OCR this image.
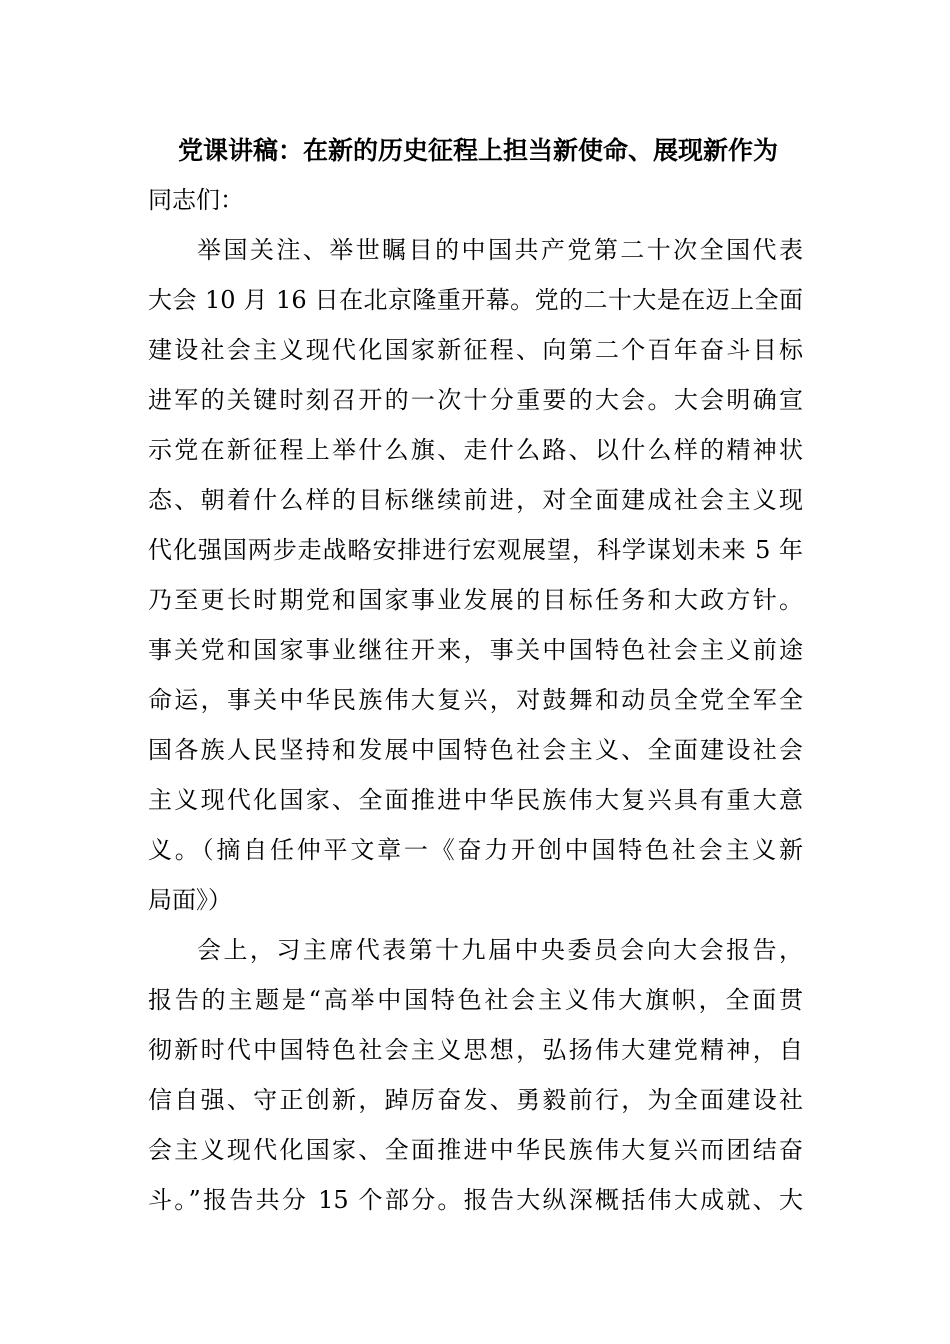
党课讲稿：在新的历史征程上担当新使命、展现新作为
同志们：
举国关注、举世瞩目的中国共产党第二十次全国代表
大会 10 月 16 日在北京隆重开幕。党的二十大是在迈上全面
建设社会主义现代化国家新征程、向第二个百年奋斗目标
进军的关键时刻召开的一次十分重要的大会。大会明确宣
示党在新征程上举什么旗、走什么路、以什么样的精神状
态、朝着什么样的目标继续前进，对全面建成社会主义现
代化强国两步走战略安排进行宏观展望，科学谋划未来 5 年
乃至更长时期党和国家事业发展的目标任务和大政方针。
事关党和国家事业继往开来，事关中国特色社会主义前途
命运，事关中华民族伟大复兴，对鼓舞和动员全党全军全
国各族人民坚持和发展中国特色社会主义、全面建设社会
主义现代化国家、全面推进中华民族伟大复兴具有重大意
义。（摘自任仲平文章一《奋力开创中国特色社会主义新
局面》）
会上，习主席代表第十九届中央委员会向大会报告，
报告的主题是“高举中国特色社会主义伟大旗帜，全面贯
彻新时代中国特色社会主义思想，弘扬伟大建党精神，自
信自强、守正创新，踔厉奋发、勇毅前行，为全面建设社
会主义现代化国家、全面推进中华民族伟大复兴而团结奋
斗。”报告共分 15 个部分。报告大纵深概括伟大成就、大
